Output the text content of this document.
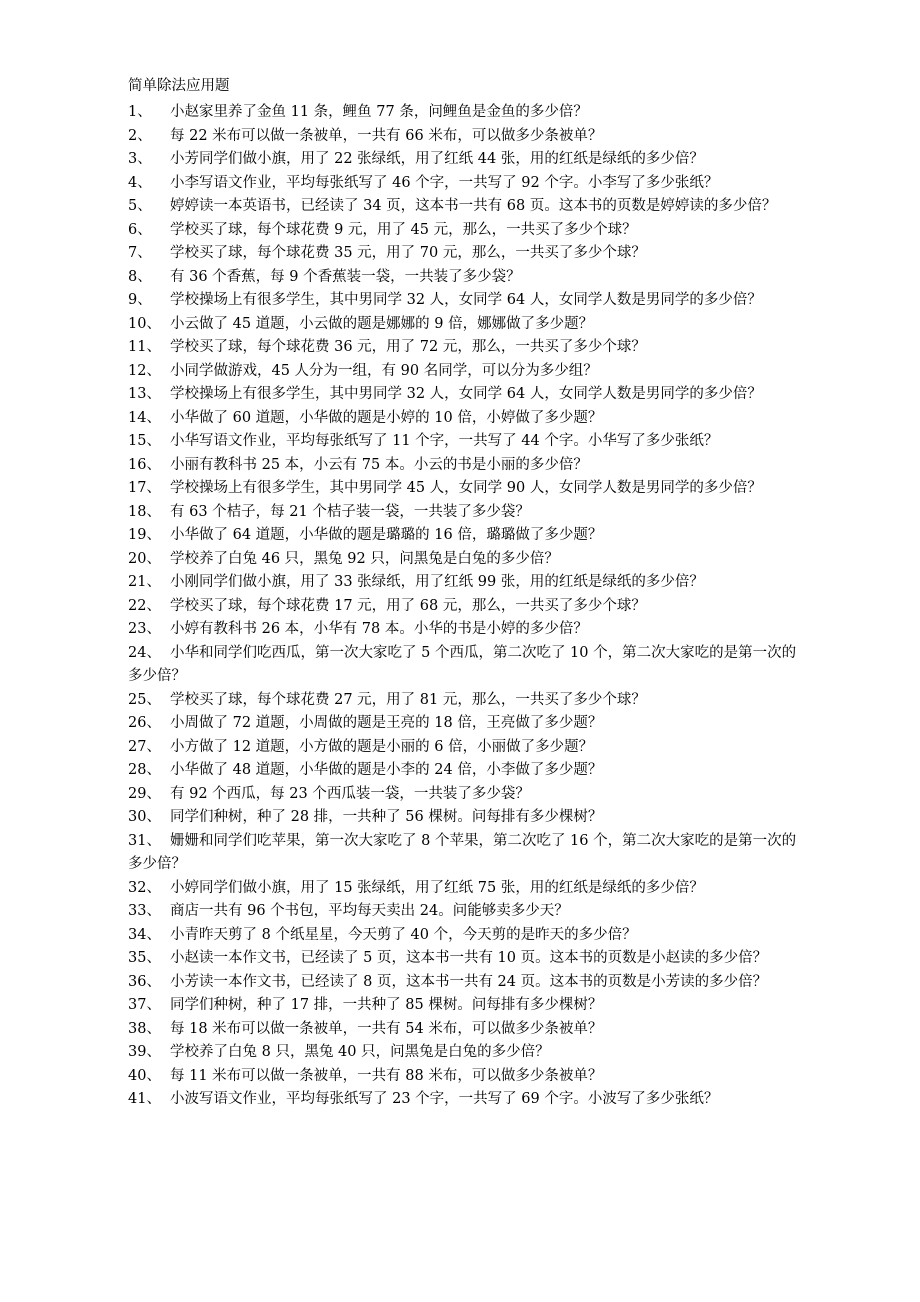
简单除法应用题
1、 小赵家里养了金鱼 11 条，鲤鱼 77 条，问鲤鱼是金鱼的多少倍？
2、 每 22 米布可以做一条被单，一共有 66 米布，可以做多少条被单？
3、 小芳同学们做小旗，用了 22 张绿纸，用了红纸 44 张，用的红纸是绿纸的多少倍？
4、 小李写语文作业，平均每张纸写了 46 个字，一共写了 92 个字。小李写了多少张纸？
5、 婷婷读一本英语书，已经读了 34 页，这本书一共有 68 页。这本书的页数是婷婷读的多少倍？
6、 学校买了球，每个球花费 9 元，用了 45 元，那么，一共买了多少个球？
7、 学校买了球，每个球花费 35 元，用了 70 元，那么，一共买了多少个球？
8、 有 36 个香蕉，每 9 个香蕉装一袋，一共装了多少袋？
9、 学校操场上有很多学生，其中男同学 32 人，女同学 64 人，女同学人数是男同学的多少倍？
10、 小云做了 45 道题，小云做的题是娜娜的 9 倍，娜娜做了多少题？
11、 学校买了球，每个球花费 36 元，用了 72 元，那么，一共买了多少个球？
12、 小同学做游戏，45 人分为一组，有 90 名同学，可以分为多少组？
13、 学校操场上有很多学生，其中男同学 32 人，女同学 64 人，女同学人数是男同学的多少倍？
14、 小华做了 60 道题，小华做的题是小婷的 10 倍，小婷做了多少题？
15、 小华写语文作业，平均每张纸写了 11 个字，一共写了 44 个字。小华写了多少张纸？
16、 小丽有教科书 25 本，小云有 75 本。小云的书是小丽的多少倍？
17、 学校操场上有很多学生，其中男同学 45 人，女同学 90 人，女同学人数是男同学的多少倍？
18、 有 63 个桔子，每 21 个桔子装一袋，一共装了多少袋？
19、 小华做了 64 道题，小华做的题是璐璐的 16 倍，璐璐做了多少题？
20、 学校养了白兔 46 只，黑兔 92 只，问黑兔是白兔的多少倍？
21、 小刚同学们做小旗，用了 33 张绿纸，用了红纸 99 张，用的红纸是绿纸的多少倍？
22、 学校买了球，每个球花费 17 元，用了 68 元，那么，一共买了多少个球？
23、 小婷有教科书 26 本，小华有 78 本。小华的书是小婷的多少倍？
24、 小华和同学们吃西瓜，第一次大家吃了 5 个西瓜，第二次吃了 10 个，第二次大家吃的是第一次的多少倍？
25、 学校买了球，每个球花费 27 元，用了 81 元，那么，一共买了多少个球？
26、 小周做了 72 道题，小周做的题是王亮的 18 倍，王亮做了多少题？
27、 小方做了 12 道题，小方做的题是小丽的 6 倍，小丽做了多少题？
28、 小华做了 48 道题，小华做的题是小李的 24 倍，小李做了多少题？
29、 有 92 个西瓜，每 23 个西瓜装一袋，一共装了多少袋？
30、 同学们种树，种了 28 排，一共种了 56 棵树。问每排有多少棵树？
31、 姗姗和同学们吃苹果，第一次大家吃了 8 个苹果，第二次吃了 16 个，第二次大家吃的是第一次的多少倍？
32、 小婷同学们做小旗，用了 15 张绿纸，用了红纸 75 张，用的红纸是绿纸的多少倍？
33、 商店一共有 96 个书包，平均每天卖出 24。问能够卖多少天？
34、 小青昨天剪了 8 个纸星星，今天剪了 40 个，今天剪的是昨天的多少倍？
35、 小赵读一本作文书，已经读了 5 页，这本书一共有 10 页。这本书的页数是小赵读的多少倍？
36、 小芳读一本作文书，已经读了 8 页，这本书一共有 24 页。这本书的页数是小芳读的多少倍？
37、 同学们种树，种了 17 排，一共种了 85 棵树。问每排有多少棵树？
38、 每 18 米布可以做一条被单，一共有 54 米布，可以做多少条被单？
39、 学校养了白兔 8 只，黑兔 40 只，问黑兔是白兔的多少倍？
40、 每 11 米布可以做一条被单，一共有 88 米布，可以做多少条被单？
41、 小波写语文作业，平均每张纸写了 23 个字，一共写了 69 个字。小波写了多少张纸？
